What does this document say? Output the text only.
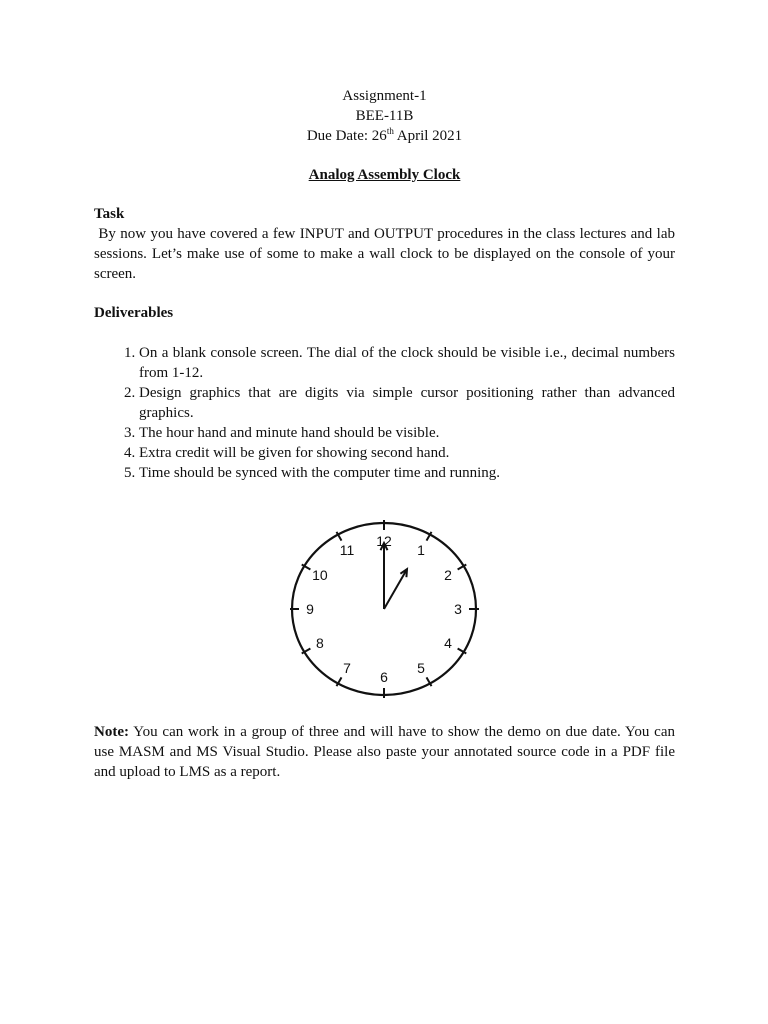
Assignment-1
BEE-11B
Due Date: 26th April 2021
Analog Assembly Clock
Task
By now you have covered a few INPUT and OUTPUT procedures in the class lectures and lab sessions. Let’s make use of some to make a wall clock to be displayed on the console of your screen.
Deliverables
1. On a blank console screen. The dial of the clock should be visible i.e., decimal numbers from 1-12.
2. Design graphics that are digits via simple cursor positioning rather than advanced graphics.
3. The hour hand and minute hand should be visible.
4. Extra credit will be given for showing second hand.
5. Time should be synced with the computer time and running.
12
1
2
3
4
5
6
7
8
9
10
11
Note: You can work in a group of three and will have to show the demo on due date. You can use MASM and MS Visual Studio. Please also paste your annotated source code in a PDF file and upload to LMS as a report.
